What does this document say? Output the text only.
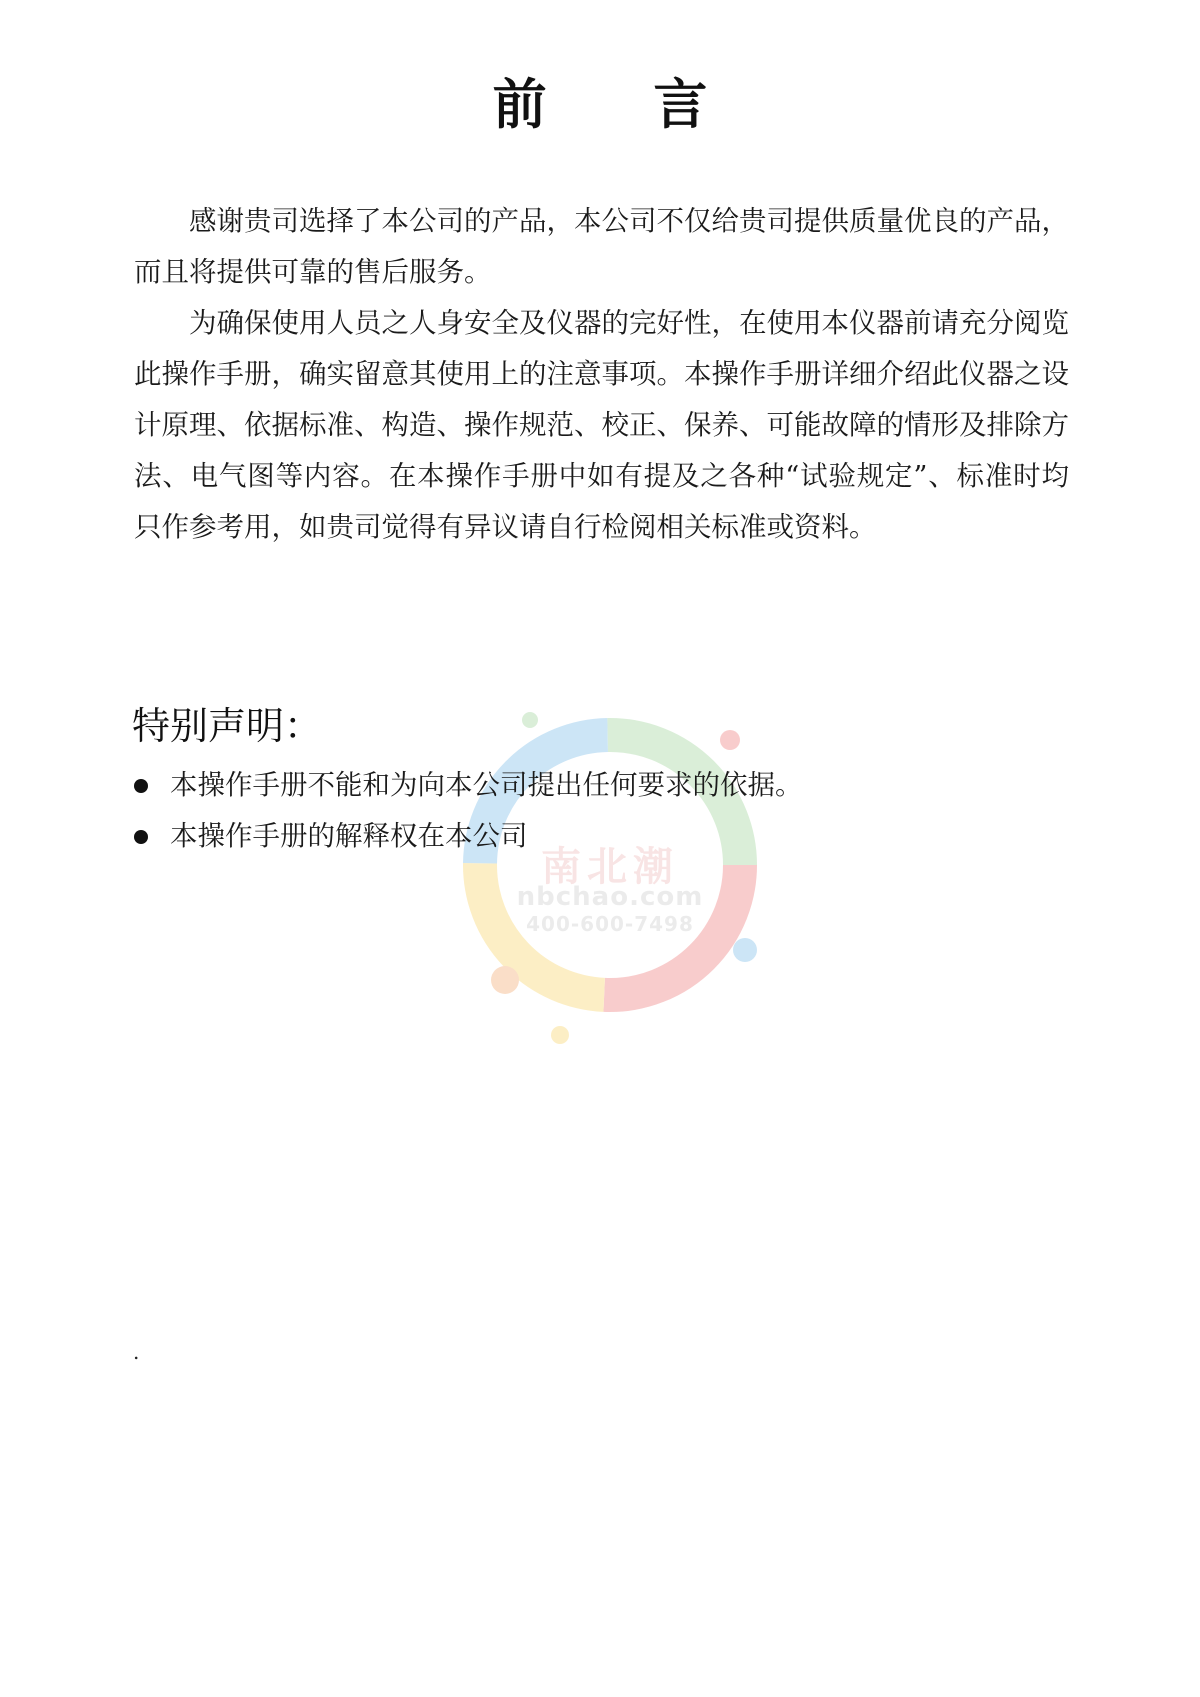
南北潮
nbchao.com
400-600-7498
前 言

感谢贵司选择了本公司的产品，本公司不仅给贵司提供质量优良的产品，而且将提供可靠的售后服务。

为确保使用人员之人身安全及仪器的完好性，在使用本仪器前请充分阅览此操作手册，确实留意其使用上的注意事项。本操作手册详细介绍此仪器之设计原理、依据标准、构造、操作规范、校正、保养、可能故障的情形及排除方法、电气图等内容。在本操作手册中如有提及之各种“试验规定”、标准时均只作参考用，如贵司觉得有异议请自行检阅相关标准或资料。

特别声明：
本操作手册不能和为向本公司提出任何要求的依据。
本操作手册的解释权在本公司
.
